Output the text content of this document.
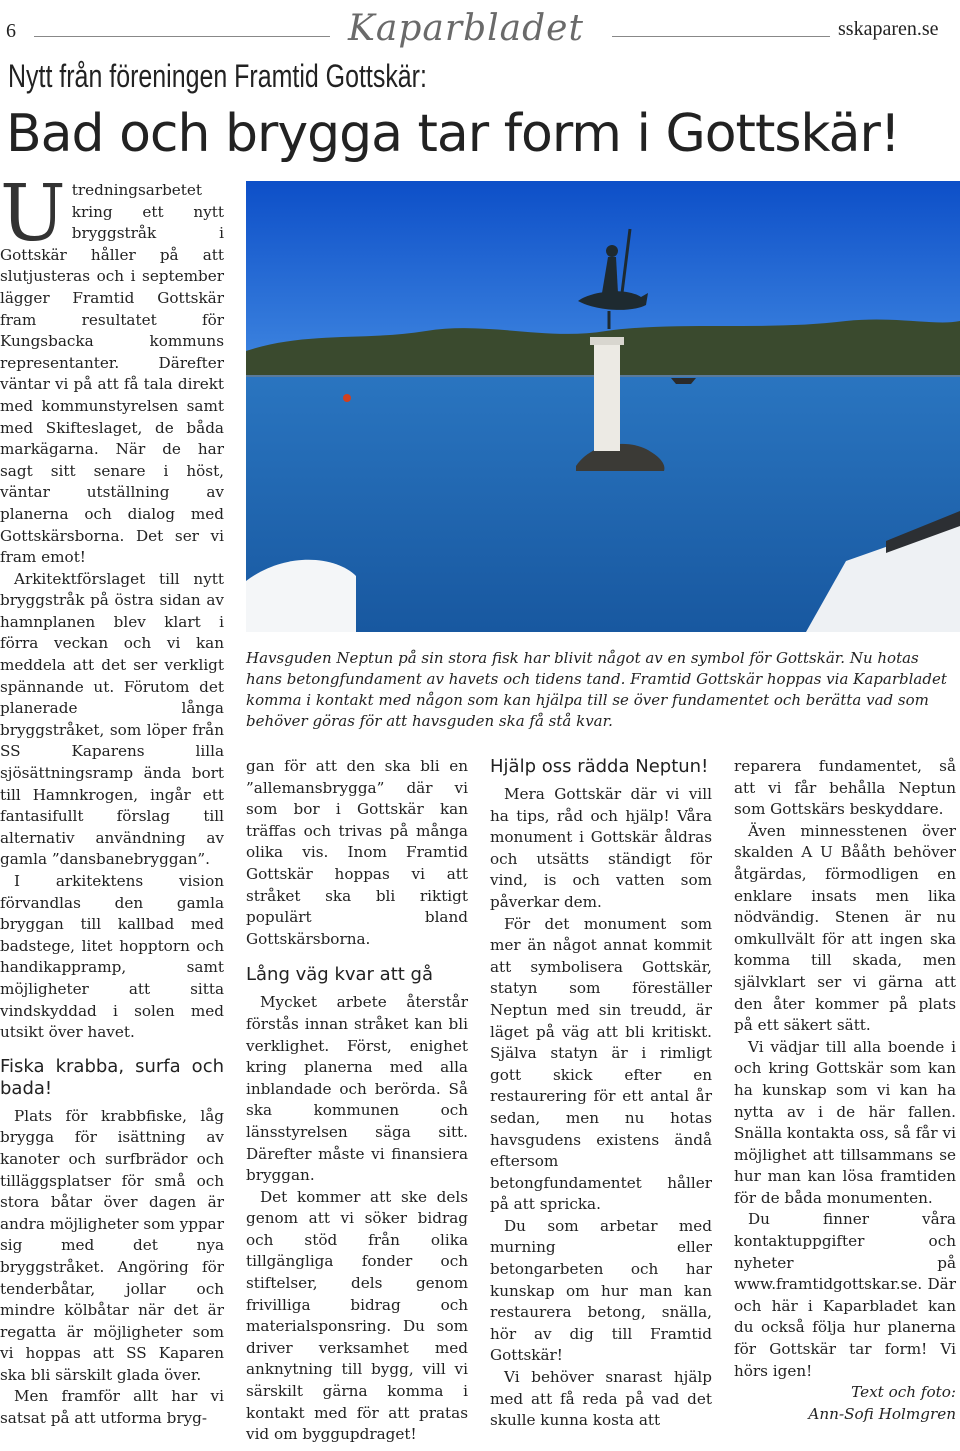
6	Kaparbladet	sskaparen.se
Nytt från föreningen Framtid Gottskär:
Bad och brygga tar form i Gottskär!

Utredningsarbetet kring ett nytt bryggstråk i Gottskär håller på att slutjusteras och i september lägger Framtid Gottskär fram resultatet för Kungsbacka kommuns representanter. Därefter väntar vi på att få tala direkt med kommunstyrelsen samt med Skifteslaget, de båda markägarna. När de har sagt sitt senare i höst, väntar utställning av planerna och dialog med Gottskärsborna. Det ser vi fram emot!

Arkitektförslaget till nytt bryggstråk på östra sidan av hamnplanen blev klart i förra veckan och vi kan meddela att det ser verkligt spännande ut. Förutom det planerade långa bryggstråket, som löper från SS Kaparens lilla sjösättningsramp ända bort till Hamnkrogen, ingår ett fantasifullt förslag till alternativ användning av gamla ”dansbanebryggan”.

I arkitektens vision förvandlas den gamla bryggan till kallbad med badstege, litet hopptorn och handikappramp, samt möjligheter att sitta vindskyddad i solen med utsikt över havet.

Fiska krabba, surfa och bada!

Plats för krabbfiske, låg brygga för isättning av kanoter och surfbrädor och tilläggsplatser för små och stora båtar över dagen är andra möjligheter som yppar sig med det nya bryggstråket. Angöring för tenderbåtar, jollar och mindre kölbåtar när det är regatta är möjligheter som vi hoppas att SS Kaparen ska bli särskilt glada över.

Men framför allt har vi satsat på att utforma bryg-

Havsguden Neptun på sin stora fisk har blivit något av en symbol för Gottskär. Nu hotas hans betongfundament av havets och tidens tand. Framtid Gottskär hoppas via Kaparbladet komma i kontakt med någon som kan hjälpa till se över fundamentet och berätta vad som behöver göras för att havsguden ska få stå kvar.

gan för att den ska bli en ”allemansbrygga” där vi som bor i Gottskär kan träffas och trivas på många olika vis. Inom Framtid Gottskär hoppas vi att stråket ska bli riktigt populärt bland Gottskärsborna.

Lång väg kvar att gå

Mycket arbete återstår förstås innan stråket kan bli verklighet. Först, enighet kring planerna med alla inblandade och berörda. Så ska kommunen och länsstyrelsen säga sitt. Därefter måste vi finansiera bryggan.

Det kommer att ske dels genom att vi söker bidrag och stöd från olika tillgängliga fonder och stiftelser, dels genom frivilliga bidrag och materialsponsring. Du som driver verksamhet med anknytning till bygg, vill vi särskilt gärna komma i kontakt med för att pratas vid om byggupdraget!

Hjälp oss rädda Neptun!

Mera Gottskär där vi vill ha tips, råd och hjälp! Våra monument i Gottskär åldras och utsätts ständigt för vind, is och vatten som påverkar dem.

För det monument som mer än något annat kommit att symbolisera Gottskär, statyn som föreställer Neptun med sin treudd, är läget på väg att bli kritiskt. Själva statyn är i rimligt gott skick efter en restaurering för ett antal år sedan, men nu hotas havsgudens existens ändå eftersom betongfundamentet håller på att spricka.

Du som arbetar med murning eller betongarbeten och har kunskap om hur man kan restaurera betong, snälla, hör av dig till Framtid Gottskär!

Vi behöver snarast hjälp med att få reda på vad det skulle kunna kosta att

reparera fundamentet, så att vi får behålla Neptun som Gottskärs beskyddare.

Även minnesstenen över skalden A U Bååth behöver åtgärdas, förmodligen en enklare insats men lika nödvändig. Stenen är nu omkullvält för att ingen ska komma till skada, men självklart ser vi gärna att den åter kommer på plats på ett säkert sätt.

Vi vädjar till alla boende i och kring Gottskär som kan ha kunskap som vi kan ha nytta av i de här fallen. Snälla kontakta oss, så får vi möjlighet att tillsammans se hur man kan lösa framtiden för de båda monumenten.

Du finner våra kontaktuppgifter och nyheter på www.framtidgottskar.se. Där och här i Kaparbladet kan du också följa hur planerna för Gottskär tar form! Vi hörs igen!

Text och foto:

Ann-Sofi Holmgren
